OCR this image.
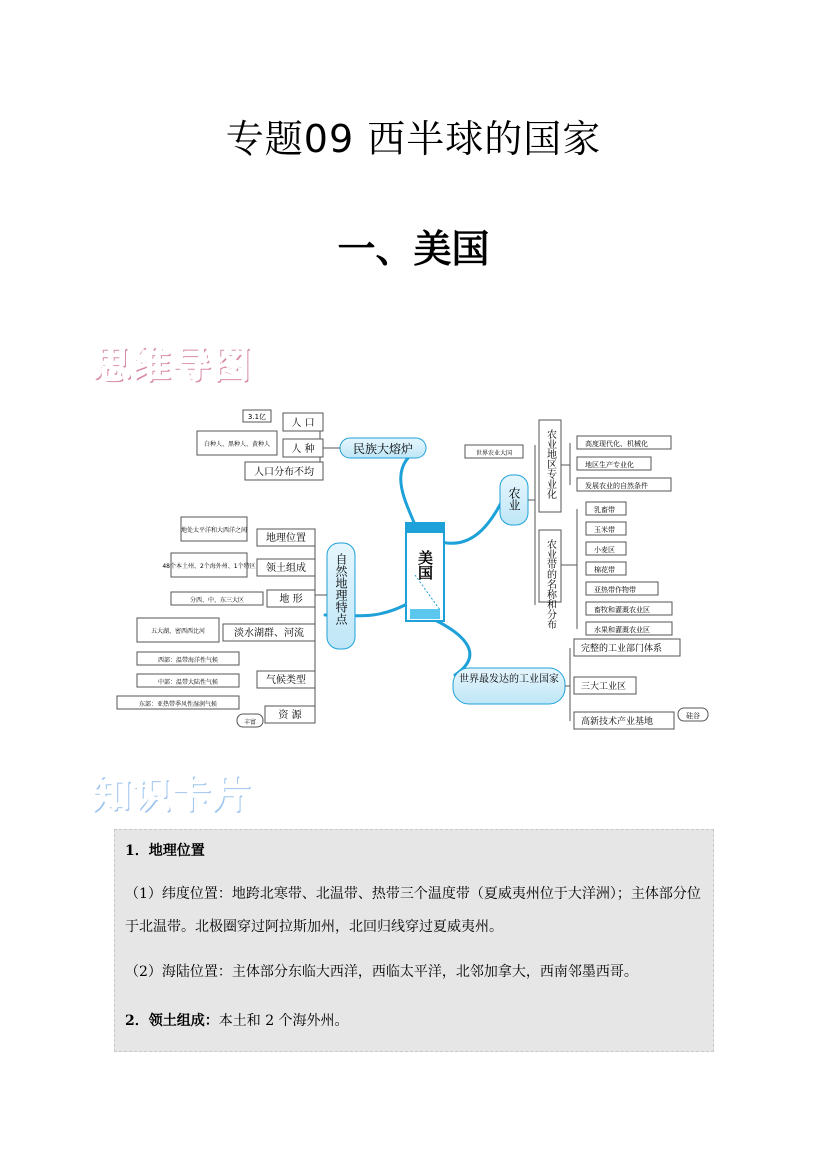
专题09 西半球的国家
一、美国
思维导图
美国
民族大熔炉
人 口
人 种
人口分布不均
3.1亿
白种人、黑种人、黄种人
自然地理特点
地理位置
领土组成
地 形
淡水湖群、河流
气候类型
资 源
地处太平洋和大西洋之间
48个本土州、2个海外州、1个特区
分西、中、东三大区
五大湖、密西西比河
西部：温带海洋性气候
中部：温带大陆性气候
东部：亚热带季风性湿润气候
丰富
农业
世界农业大国	农业地区专业化
农业带的名称和分布
高度现代化、机械化
地区生产专业化
发展农业的自然条件
乳畜带
玉米带
小麦区
棉花带
亚热带作物带
畜牧和灌溉农业区
水果和灌溉农业区
世界最发达的工业国家
完整的工业部门体系
三大工业区
高新技术产业基地
硅谷
知识卡片
1．地理位置
（1）纬度位置：地跨北寒带、北温带、热带三个温度带（夏威夷州位于大洋洲）；主体部分位于北温带。北极圈穿过阿拉斯加州，北回归线穿过夏威夷州。
（2）海陆位置：主体部分东临大西洋，西临太平洋，北邻加拿大，西南邻墨西哥。
2．领土组成：本土和 2 个海外州。
